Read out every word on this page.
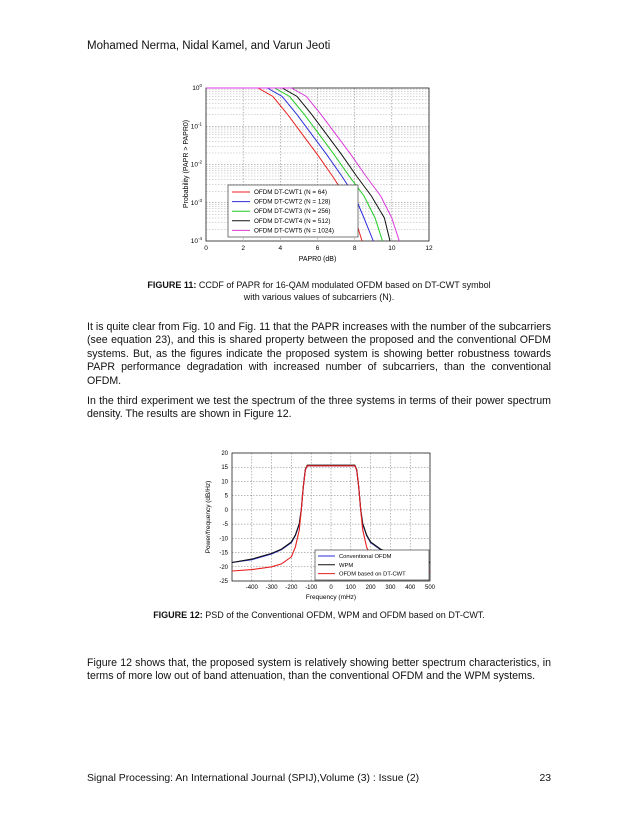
Mohamed Nerma, Nidal Kamel, and Varun Jeoti
0	2	4	6	8	10	12
$10^0$
$10^{-1}$
$10^{-2}$
$10^{-3}$
$10^{-4}$
PAPR0 (dB)
Probability (PAPR > PAPR0)	OFDM DT-CWT1 (N = 64)
OFDM DT-CWT2 (N = 128)
OFDM DT-CWT3 (N = 256)
OFDM DT-CWT4 (N = 512)
OFDM DT-CWT5 (N = 1024)
FIGURE 11: CCDF of PAPR for 16-QAM modulated OFDM based on DT-CWT symbol
with various values of subcarriers (N).
It is quite clear from Fig. 10 and Fig. 11 that the PAPR increases with the number of the subcarriers (see equation 23), and this is shared property between the proposed and the conventional OFDM systems. But, as the figures indicate the proposed system is showing better robustness towards PAPR performance degradation with increased number of subcarriers, than the conventional OFDM.
In the third experiment we test the spectrum of the three systems in terms of their power spectrum density. The results are shown in Figure 12.
-400 -300 -200 -100 0 100 200 300 400 500
20
15
10
5
0
-5
-10
-15
-20
-25
Frequency (mHz)
Power/frequency (dB/Hz)
Conventional OFDM
WPM
OFDM based on DT-CWT
FIGURE 12: PSD of the Conventional OFDM, WPM and OFDM based on DT-CWT.
Figure 12 shows that, the proposed system is relatively showing better spectrum characteristics, in terms of more low out of band attenuation, than the conventional OFDM and the WPM systems.
Signal Processing: An International Journal (SPIJ),Volume (3) : Issue (2)	23
